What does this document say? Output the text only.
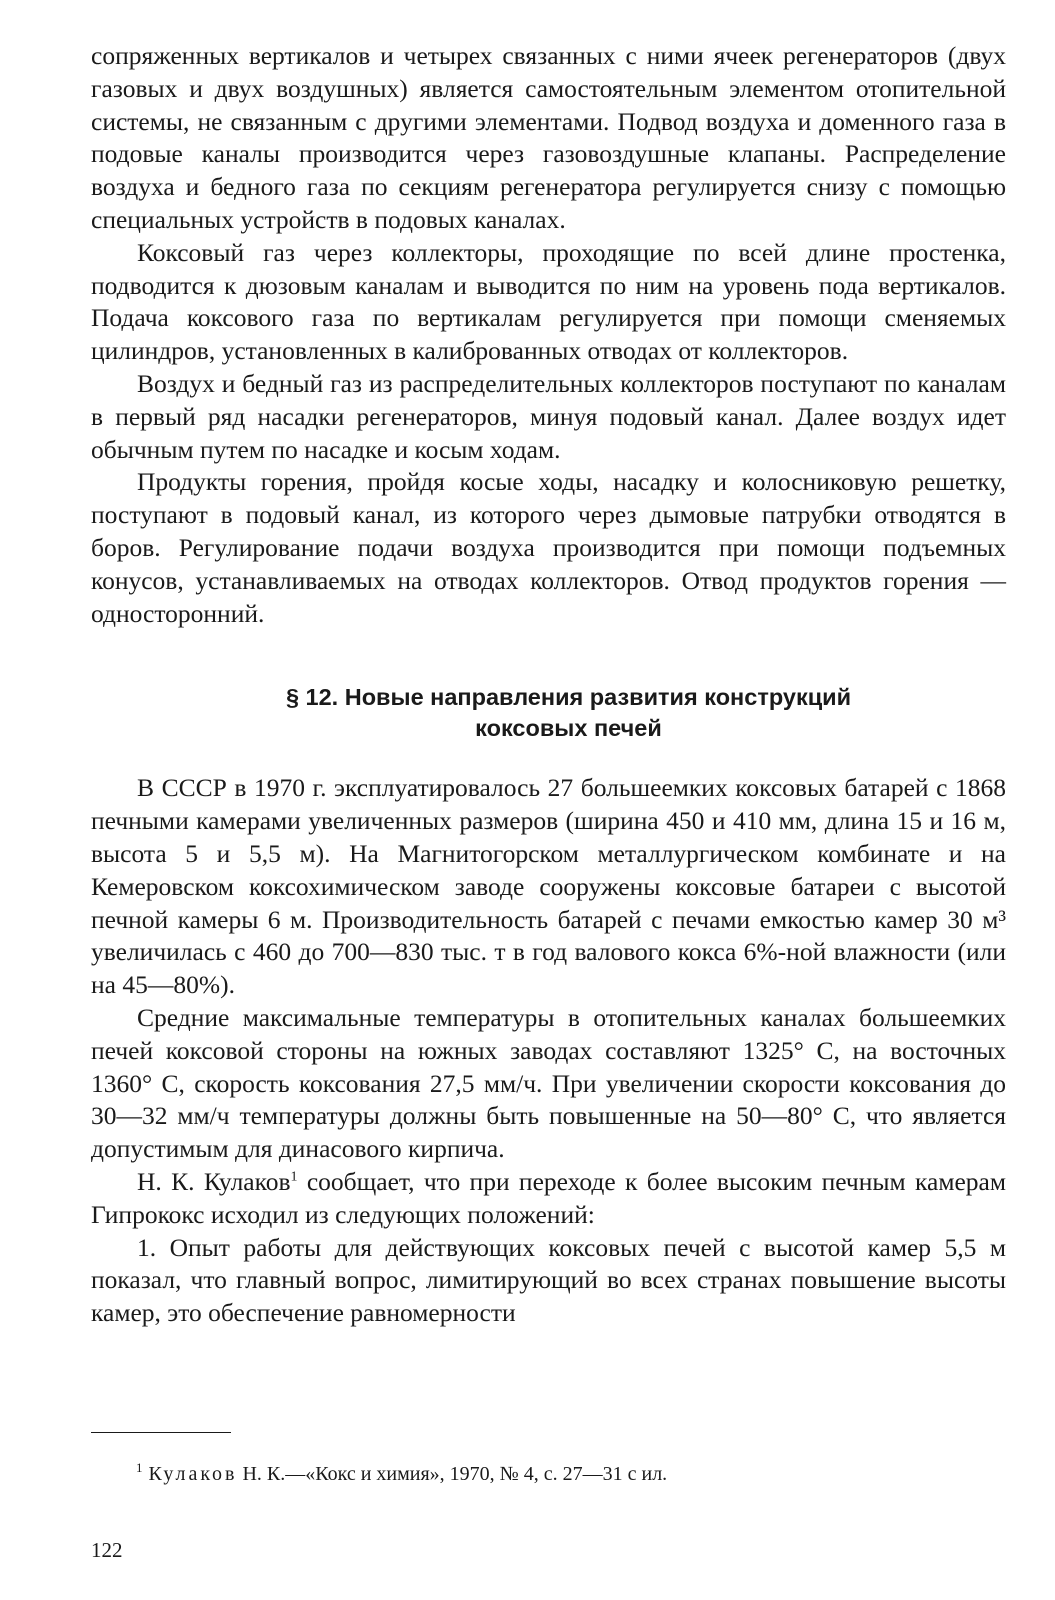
сопряженных вертикалов и четырех связанных с ними ячеек регенераторов (двух газовых и двух воздушных) является самостоятельным элементом отопительной системы, не связанным с другими элементами. Подвод воздуха и доменного газа в подовые каналы производится через газовоздушные клапаны. Распределение воздуха и бедного газа по секциям регенератора регулируется снизу с помощью специальных устройств в подовых каналах.

Коксовый газ через коллекторы, проходящие по всей длине простенка, подводится к дюзовым каналам и выводится по ним на уровень пода вертикалов. Подача коксового газа по вертикалам регулируется при помощи сменяемых цилиндров, установленных в калиброванных отводах от коллекторов.

Воздух и бедный газ из распределительных коллекторов поступают по каналам в первый ряд насадки регенераторов, минуя подовый канал. Далее воздух идет обычным путем по насадке и косым ходам.

Продукты горения, пройдя косые ходы, насадку и колосниковую решетку, поступают в подовый канал, из которого через дымовые патрубки отводятся в боров. Регулирование подачи воздуха производится при помощи подъемных конусов, устанавливаемых на отводах коллекторов. Отвод продуктов горения — односторонний.

§ 12. Новые направления развития конструкций
коксовых печей

В СССР в 1970 г. эксплуатировалось 27 большеемких коксовых батарей с 1868 печными камерами увеличенных размеров (ширина 450 и 410 мм, длина 15 и 16 м, высота 5 и 5,5 м). На Магнитогорском металлургическом комбинате и на Кемеровском коксохимическом заводе сооружены коксовые батареи с высотой печной камеры 6 м. Производительность батарей с печами емкостью камер 30 м³ увеличилась с 460 до 700—830 тыс. т в год валового кокса 6%-ной влажности (или на 45—80%).

Средние максимальные температуры в отопительных каналах большеемких печей коксовой стороны на южных заводах составляют 1325° С, на восточных 1360° С, скорость коксования 27,5 мм/ч. При увеличении скорости коксования до 30—32 мм/ч температуры должны быть повышенные на 50—80° С, что является допустимым для динасового кирпича.

Н. К. Кулаков$^1$ сообщает, что при переходе к более высоким печным камерам Гипрококс исходил из следующих положений:

1. Опыт работы для действующих коксовых печей с высотой камер 5,5 м показал, что главный вопрос, лимитирующий во всех странах повышение высоты камер, это обеспечение равномерности

$^1$ Кулаков Н. К.—«Кокс и химия», 1970, № 4, с. 27—31 с ил.
122
